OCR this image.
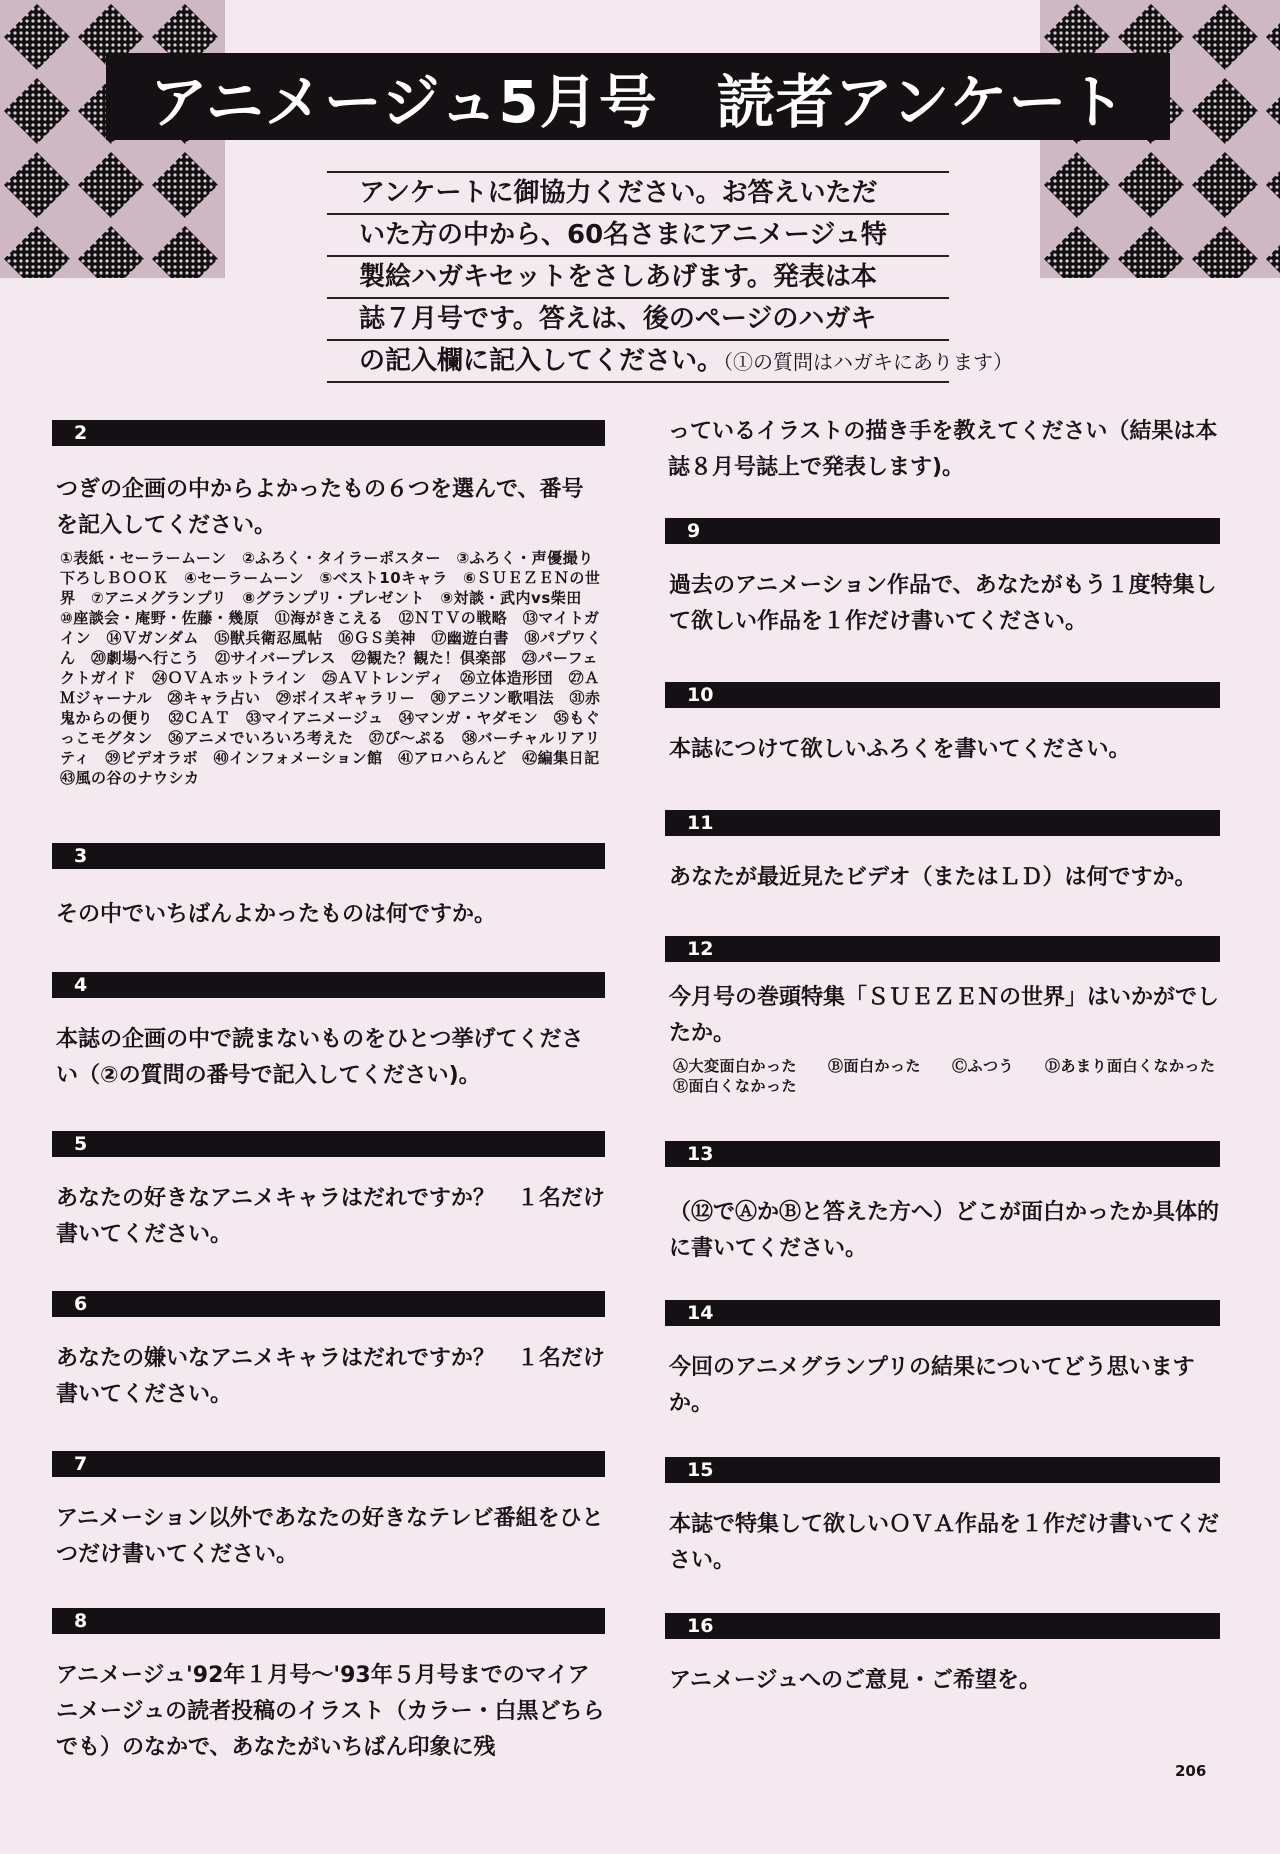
アニメージュ5月号　読者アンケート
アンケートに御協力ください。お答えいただ
いた方の中から、60名さまにアニメージュ特
製絵ハガキセットをさしあげます。発表は本
誌７月号です。答えは、後のページのハガキ
の記入欄に記入してください。（①の質問はハガキにあります）
2
つぎの企画の中からよかったもの６つを選んで、番号を記入してください。
①表紙・セーラームーン　②ふろく・タイラーポスター　③ふろく・声優撮り下ろしＢＯＯＫ　④セーラームーン　⑤ベスト10キャラ　⑥ＳＵＥＺＥＮの世界　⑦アニメグランプリ　⑧グランプリ・プレゼント　⑨対談・武内vs柴田　⑩座談会・庵野・佐藤・幾原　⑪海がきこえる　⑫ＮＴＶの戦略　⑬マイトガイン　⑭Ｖガンダム　⑮獣兵衛忍風帖　⑯ＧＳ美神　⑰幽遊白書　⑱パプワくん　⑳劇場へ行こう　㉑サイバープレス　㉒観た？観た！倶楽部　㉓パーフェクトガイド　㉔ＯＶＡホットライン　㉕ＡＶトレンディ　㉖立体造形団　㉗ＡＭジャーナル　㉘キャラ占い　㉙ボイスギャラリー　㉚アニソン歌唱法　㉛赤鬼からの便り　㉜ＣＡＴ　㉝マイアニメージュ　㉞マンガ・ヤダモン　㉟もぐっこモグタン　㊱アニメでいろいろ考えた　㊲ぴ〜ぷる　㊳バーチャルリアリティ　㊴ビデオラボ　㊵インフォメーション館　㊶アロハらんど　㊷編集日記　㊸風の谷のナウシカ
3
その中でいちばんよかったものは何ですか。
4
本誌の企画の中で読まないものをひとつ挙げてください（②の質問の番号で記入してください)。
5
あなたの好きなアニメキャラはだれですか？　１名だけ書いてください。
6
あなたの嫌いなアニメキャラはだれですか？　１名だけ書いてください。
7
アニメーション以外であなたの好きなテレビ番組をひとつだけ書いてください。
8
アニメージュ'92年１月号〜'93年５月号までのマイアニメージュの読者投稿のイラスト（カラー・白黒どちらでも）のなかで、あなたがいちばん印象に残
っているイラストの描き手を教えてください（結果は本誌８月号誌上で発表します)。
9
過去のアニメーション作品で、あなたがもう１度特集して欲しい作品を１作だけ書いてください。
10
本誌につけて欲しいふろくを書いてください。
11
あなたが最近見たビデオ（またはＬＤ）は何ですか。
12
今月号の巻頭特集「ＳＵＥＺＥＮの世界」はいかがでしたか。
Ⓐ大変面白かった　　Ⓑ面白かった　　Ⓒふつう　　Ⓓあまり面白くなかった　　Ⓔ面白くなかった
13
（⑫でⒶかⒷと答えた方へ）どこが面白かったか具体的に書いてください。
14
今回のアニメグランプリの結果についてどう思いますか。
15
本誌で特集して欲しいＯＶＡ作品を１作だけ書いてください。
16
アニメージュへのご意見・ご希望を。
206
